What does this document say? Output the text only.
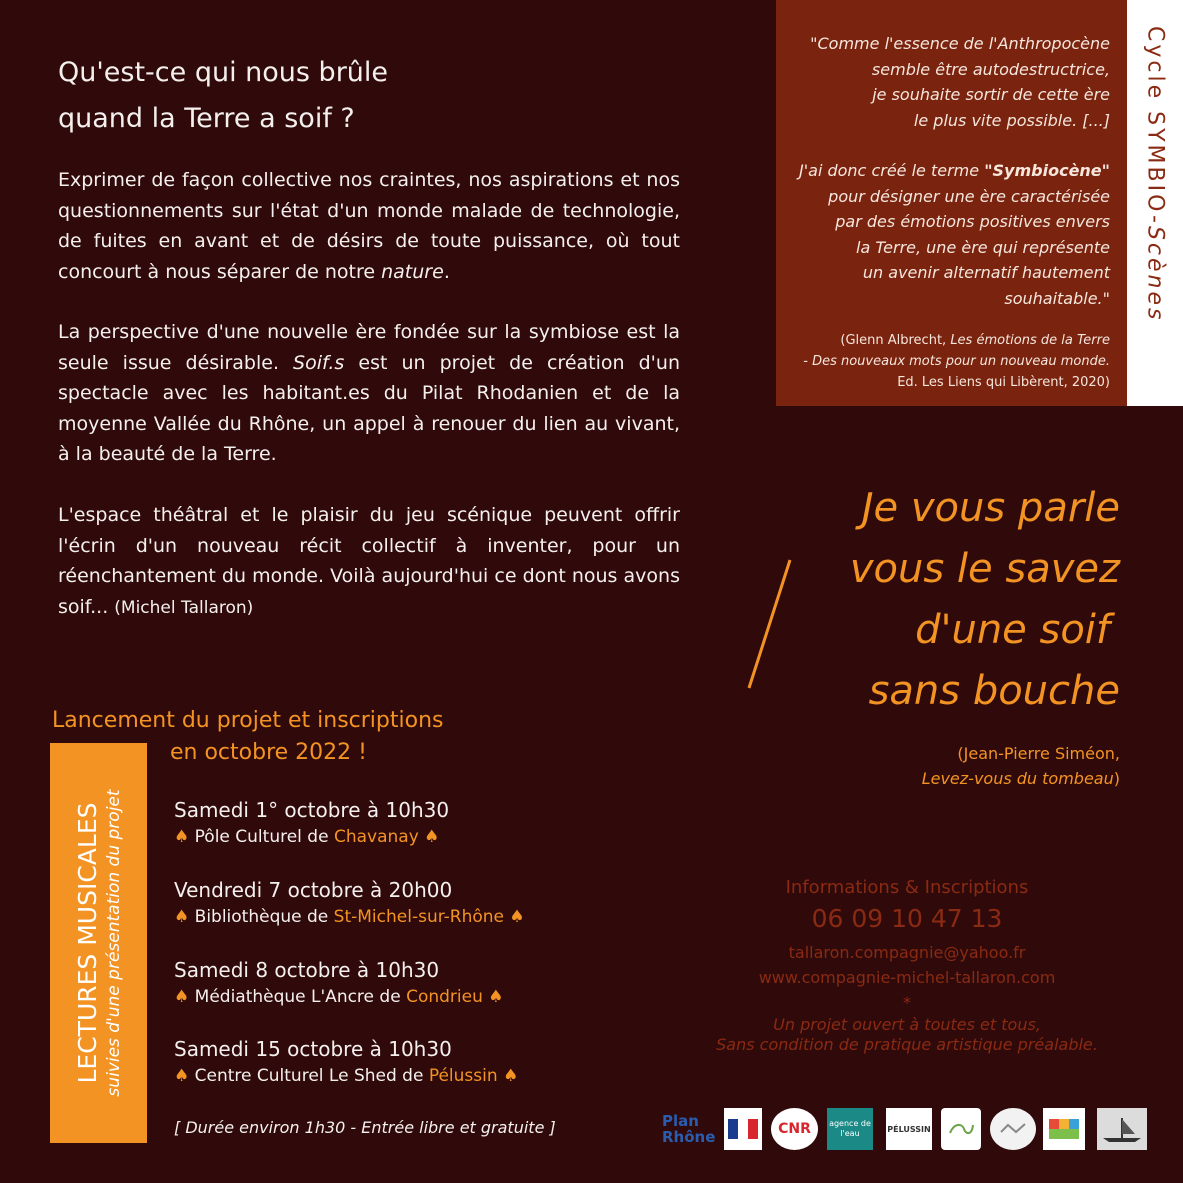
Qu'est-ce qui nous brûle
quand la Terre a soif ?
Exprimer de façon collective nos craintes, nos aspirations et nos questionnements sur l'état d'un monde malade de technologie, de fuites en avant et de désirs de toute puissance, où tout concourt à nous séparer de notre nature.
La perspective d'une nouvelle ère fondée sur la symbiose est la seule issue désirable. Soif.s est un projet de création d'un spectacle avec les habitant.es du Pilat Rhodanien et de la moyenne Vallée du Rhône, un appel à renouer du lien au vivant, à la beauté de la Terre.
L'espace théâtral et le plaisir du jeu scénique peuvent offrir l'écrin d'un nouveau récit collectif à inventer, pour un réenchantement du monde. Voilà aujourd'hui ce dont nous avons soif... (Michel Tallaron)
"Comme l'essence de l'Anthropocène
semble être autodestructrice,
je souhaite sortir de cette ère
le plus vite possible. [...]
J'ai donc créé le terme "Symbiocène"
pour désigner une ère caractérisée
par des émotions positives envers
la Terre, une ère qui représente
un avenir alternatif hautement
souhaitable."
(Glenn Albrecht, Les émotions de la Terre
- Des nouveaux mots pour un nouveau monde.
Ed. Les Liens qui Libèrent, 2020)
Cycle SYMBIO-Scènes
Je vous parle
vous le savez
d'une soif
sans bouche
(Jean-Pierre Siméon,
Levez-vous du tombeau)
Lancement du projet et inscriptions
en octobre 2022 !
LECTURES MUSICALES suivies d'une présentation du projet	Samedi 1° octobre à 10h30
♠ Pôle Culturel de Chavanay ♠
Vendredi 7 octobre à 20h00
♠ Bibliothèque de St-Michel-sur-Rhône ♠
Samedi 8 octobre à 10h30
♠ Médiathèque L'Ancre de Condrieu ♠
Samedi 15 octobre à 10h30
♠ Centre Culturel Le Shed de Pélussin ♠
[ Durée environ 1h30 - Entrée libre et gratuite ]
Informations & Inscriptions
06 09 10 47 13
tallaron.compagnie@yahoo.fr
www.compagnie-michel-tallaron.com
*
Un projet ouvert à toutes et tous,
Sans condition de pratique artistique préalable.
Plan
Rhône	CNR	agence de l'eau	PÉLUSSIN
